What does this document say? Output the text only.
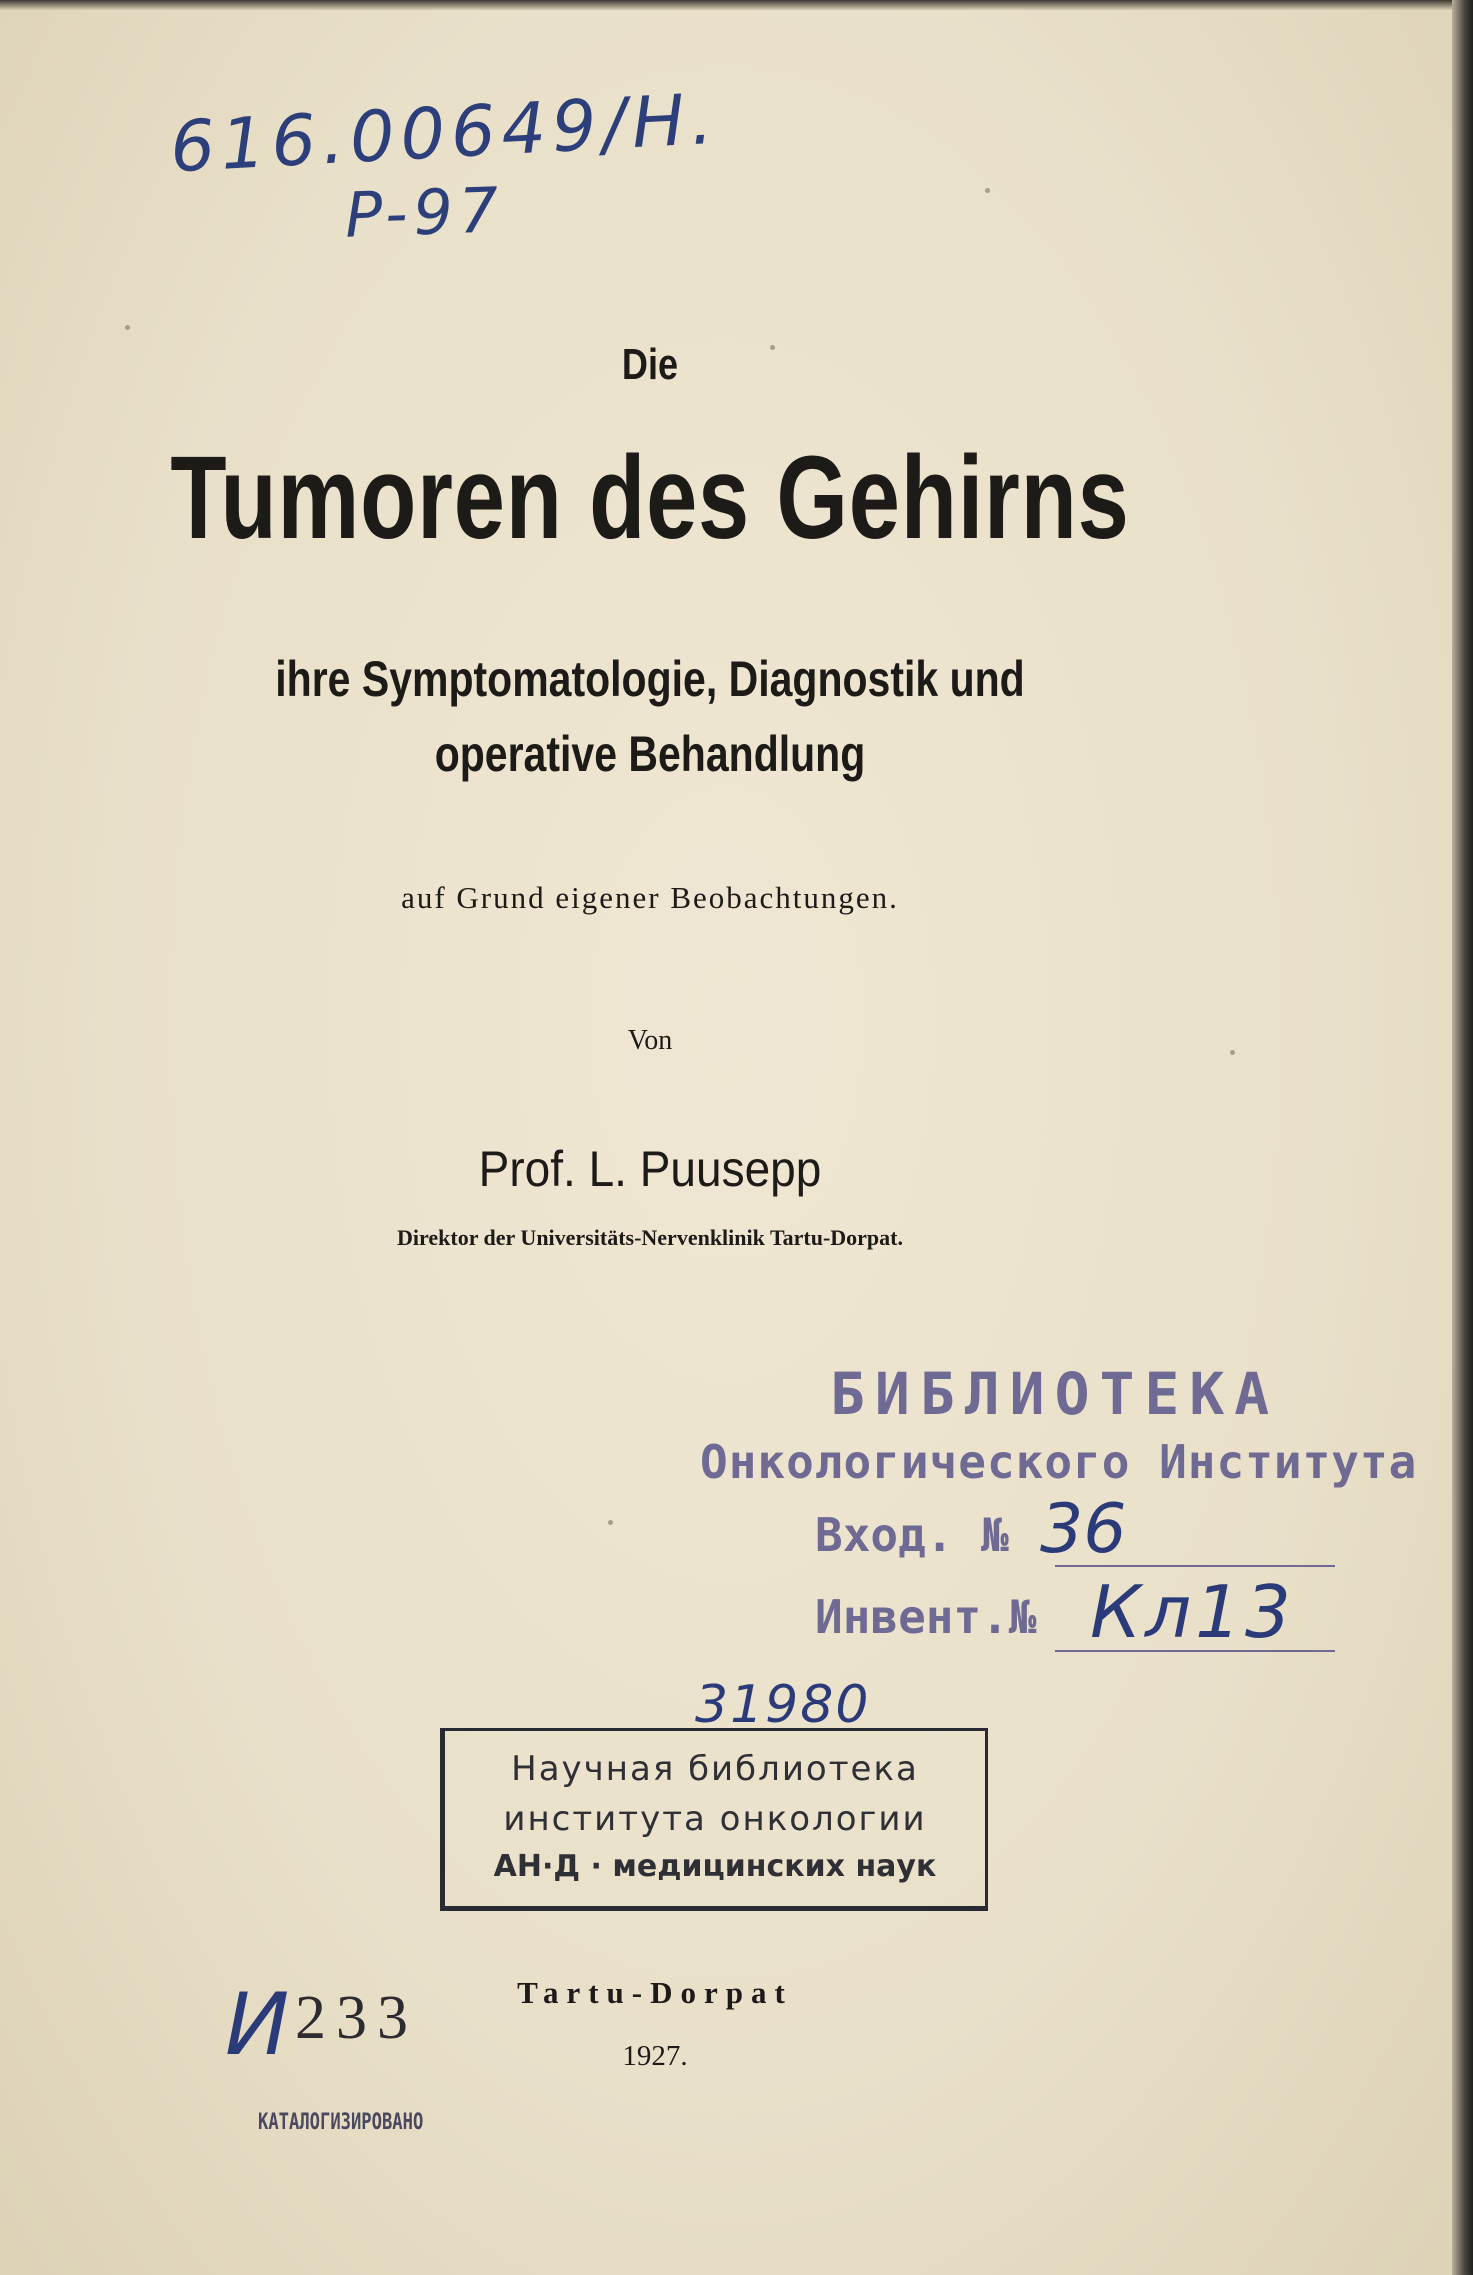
616.00649/H.
P-97
Die
Tumoren des Gehirns
ihre Symptomatologie, Diagnostik und
operative Behandlung
auf Grund eigener Beobachtungen.
Von
Prof. L. Puusepp
Direktor der Universitäts-Nervenklinik Tartu-Dorpat.
БИБЛИОТЕКА
Онкологического Института
Вход. №
Инвент.№
36
Кл13
31980
Научная библиотека
института онкологии
АН·Д · медицинских наук
И 233
КАТАЛОГИЗИРОВАНО
Tartu-Dorpat
1927.
